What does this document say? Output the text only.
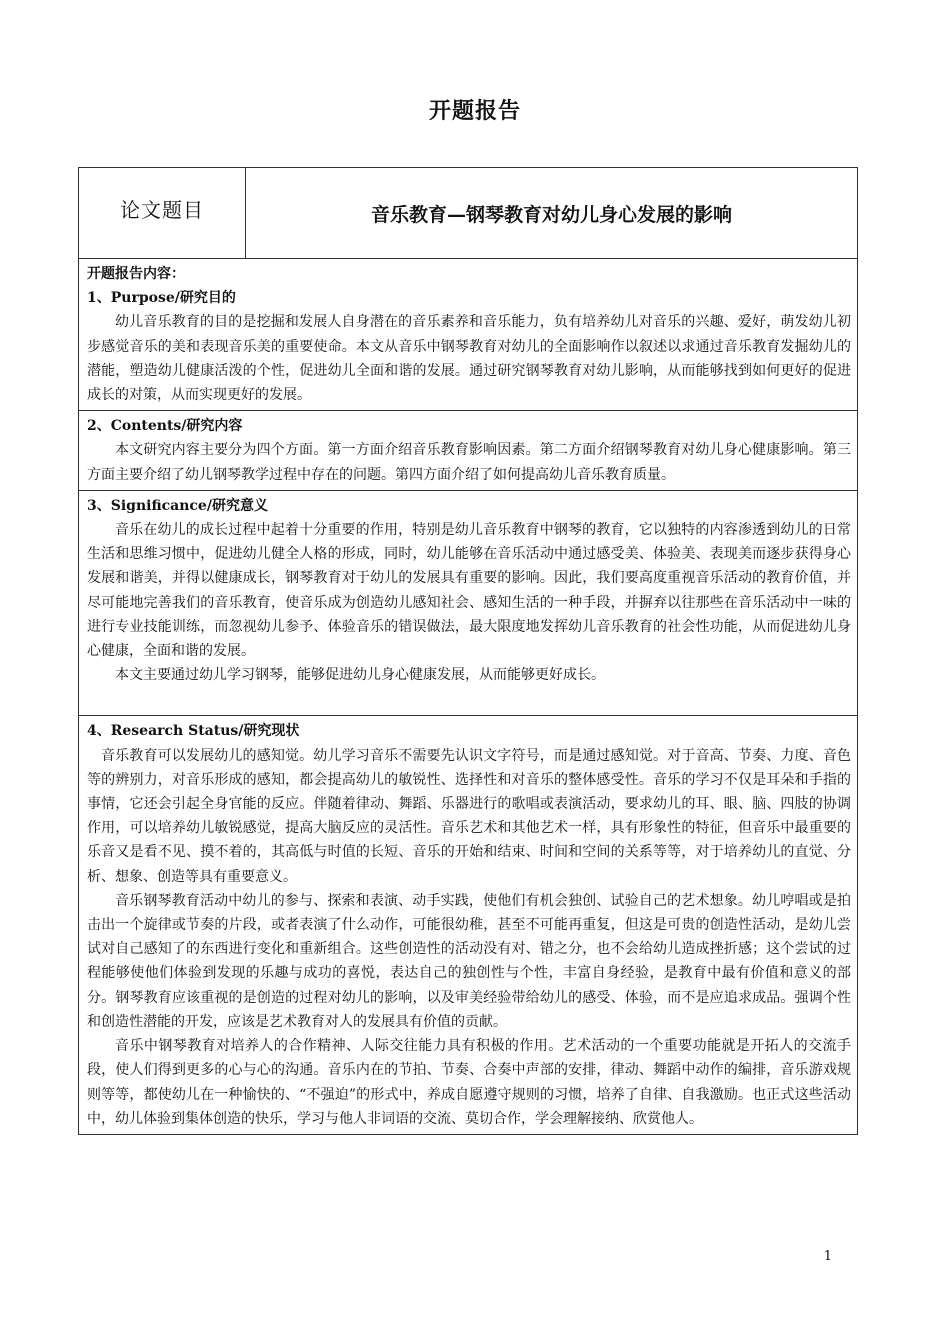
开题报告
论文题目	音乐教育—钢琴教育对幼儿身心发展的影响

开题报告内容：
1、Purpose/研究目的

幼儿音乐教育的目的是挖掘和发展人自身潜在的音乐素养和音乐能力，负有培养幼儿对音乐的兴趣、爱好，萌发幼儿初步感觉音乐的美和表现音乐美的重要使命。本文从音乐中钢琴教育对幼儿的全面影响作以叙述以求通过音乐教育发掘幼儿的潜能，塑造幼儿健康活泼的个性，促进幼儿全面和谐的发展。通过研究钢琴教育对幼儿影响，从而能够找到如何更好的促进成长的对策，从而实现更好的发展。

2、Contents/研究内容

本文研究内容主要分为四个方面。第一方面介绍音乐教育影响因素。第二方面介绍钢琴教育对幼儿身心健康影响。第三方面主要介绍了幼儿钢琴教学过程中存在的问题。第四方面介绍了如何提高幼儿音乐教育质量。

3、Significance/研究意义

音乐在幼儿的成长过程中起着十分重要的作用，特别是幼儿音乐教育中钢琴的教育，它以独特的内容渗透到幼儿的日常生活和思维习惯中，促进幼儿健全人格的形成，同时，幼儿能够在音乐活动中通过感受美、体验美、表现美而逐步获得身心发展和谐美，并得以健康成长，钢琴教育对于幼儿的发展具有重要的影响。因此，我们要高度重视音乐活动的教育价值，并尽可能地完善我们的音乐教育，使音乐成为创造幼儿感知社会、感知生活的一种手段，并摒弃以往那些在音乐活动中一味的进行专业技能训练，而忽视幼儿参予、体验音乐的错误做法，最大限度地发挥幼儿音乐教育的社会性功能，从而促进幼儿身心健康，全面和谐的发展。

本文主要通过幼儿学习钢琴，能够促进幼儿身心健康发展，从而能够更好成长。

4、Research Status/研究现状

音乐教育可以发展幼儿的感知觉。幼儿学习音乐不需要先认识文字符号，而是通过感知觉。对于音高、节奏、力度、音色等的辨别力，对音乐形成的感知，都会提高幼儿的敏锐性、选择性和对音乐的整体感受性。音乐的学习不仅是耳朵和手指的事情，它还会引起全身官能的反应。伴随着律动、舞蹈、乐器进行的歌唱或表演活动，要求幼儿的耳、眼、脑、四肢的协调作用，可以培养幼儿敏锐感觉，提高大脑反应的灵活性。音乐艺术和其他艺术一样，具有形象性的特征，但音乐中最重要的乐音又是看不见、摸不着的，其高低与时值的长短、音乐的开始和结束、时间和空间的关系等等，对于培养幼儿的直觉、分析、想象、创造等具有重要意义。

音乐钢琴教育活动中幼儿的参与、探索和表演、动手实践，使他们有机会独创、试验自己的艺术想象。幼儿哼唱或是拍击出一个旋律或节奏的片段，或者表演了什么动作，可能很幼稚，甚至不可能再重复，但这是可贵的创造性活动，是幼儿尝试对自己感知了的东西进行变化和重新组合。这些创造性的活动没有对、错之分，也不会给幼儿造成挫折感；这个尝试的过程能够使他们体验到发现的乐趣与成功的喜悦，表达自己的独创性与个性，丰富自身经验，是教育中最有价值和意义的部分。钢琴教育应该重视的是创造的过程对幼儿的影响，以及审美经验带给幼儿的感受、体验，而不是应追求成品。强调个性和创造性潜能的开发，应该是艺术教育对人的发展具有价值的贡献。

音乐中钢琴教育对培养人的合作精神、人际交往能力具有积极的作用。艺术活动的一个重要功能就是开拓人的交流手段，使人们得到更多的心与心的沟通。音乐内在的节拍、节奏、合奏中声部的安排，律动、舞蹈中动作的编排，音乐游戏规则等等，都使幼儿在一种愉快的、“不强迫”的形式中，养成自愿遵守规则的习惯，培养了自律、自我激励。也正式这些活动中，幼儿体验到集体创造的快乐，学习与他人非词语的交流、莫切合作，学会理解接纳、欣赏他人。

1
